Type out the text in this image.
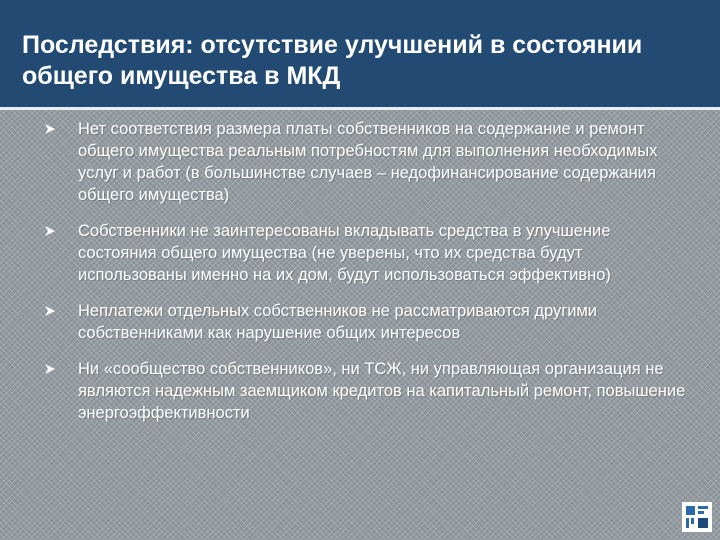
Последствия: отсутствие улучшений в состоянии общего имущества в МКД
Нет соответствия размера платы собственников на содержание и ремонт общего имущества реальным потребностям для выполнения необходимых услуг и работ (в большинстве случаев – недофинансирование содержания общего имущества)
Собственники не заинтересованы вкладывать средства в улучшение состояния общего имущества (не уверены, что их средства будут использованы именно на их дом, будут использоваться эффективно)
Неплатежи отдельных собственников не рассматриваются другими собственниками как нарушение общих интересов
Ни «сообщество собственников», ни ТСЖ, ни управляющая организация не являются надежным заемщиком кредитов на капитальный ремонт, повышение энергоэффективности
